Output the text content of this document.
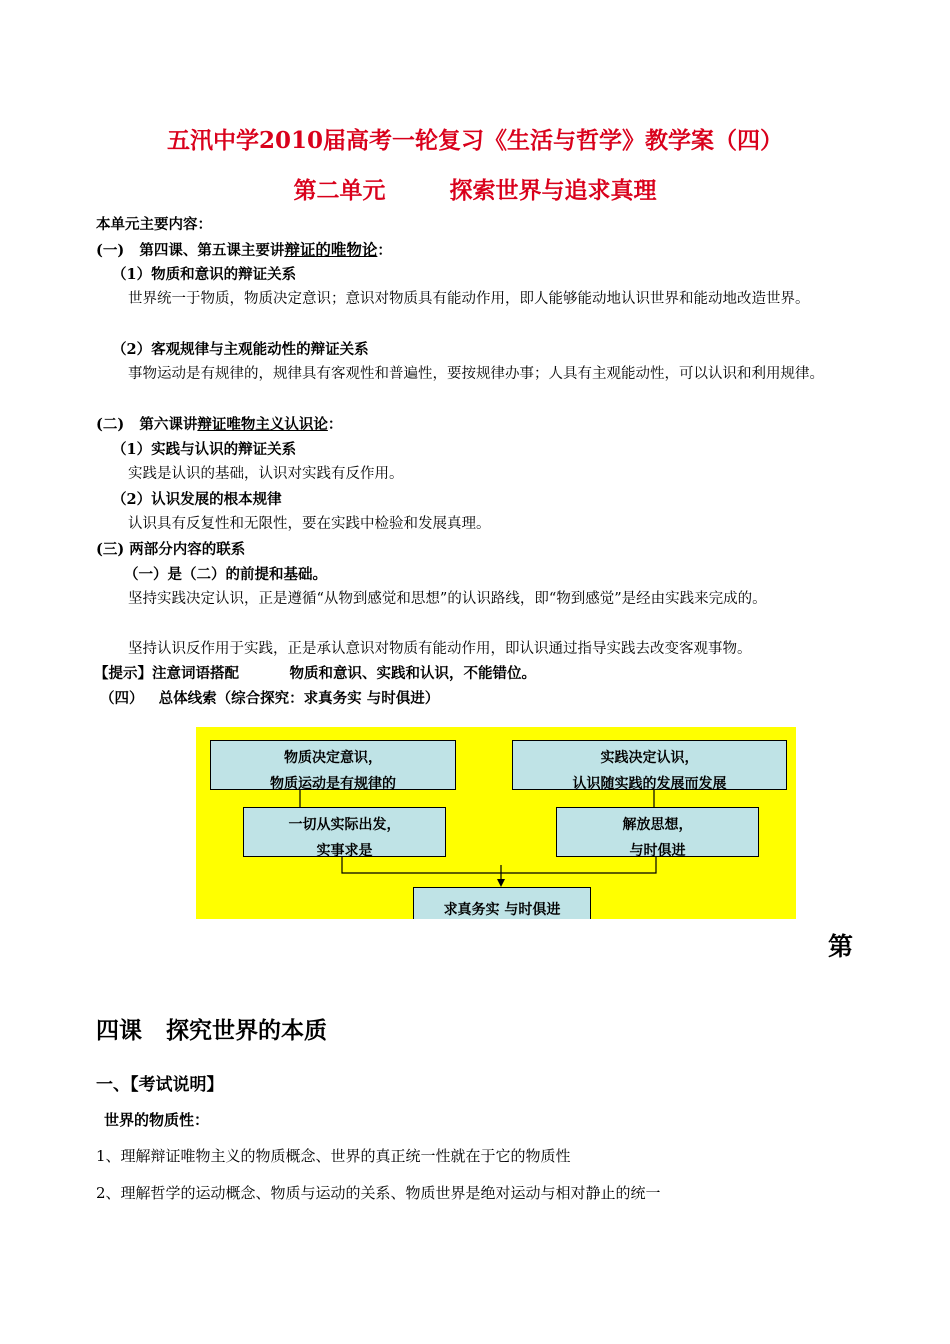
五汛中学2010届高考一轮复习《生活与哲学》教学案（四）
第二单元        探索世界与追求真理
本单元主要内容：
(一)   第四课、第五课主要讲辩证的唯物论：
（1）物质和意识的辩证关系
世界统一于物质，物质决定意识；意识对物质具有能动作用，即人能够能动地认识世界和能动地改造世界。
（2）客观规律与主观能动性的辩证关系
事物运动是有规律的，规律具有客观性和普遍性，要按规律办事；人具有主观能动性，可以认识和利用规律。
(二)   第六课讲辩证唯物主义认识论：
（1）实践与认识的辩证关系
实践是认识的基础，认识对实践有反作用。
（2）认识发展的根本规律
认识具有反复性和无限性，要在实践中检验和发展真理。
(三) 两部分内容的联系
（一）是（二）的前提和基础。
坚持实践决定认识，正是遵循“从物到感觉和思想”的认识路线，即“物到感觉”是经由实践来完成的。
坚持认识反作用于实践，正是承认意识对物质有能动作用，即认识通过指导实践去改变客观事物。
【提示】注意词语搭配          物质和意识、实践和认识，不能错位。
（四）   总体线索（综合探究：求真务实 与时俱进）
物质决定意识，
物质运动是有规律的
实践决定认识，
认识随实践的发展而发展
一切从实际出发，
实事求是
解放思想，
与时俱进
求真务实 与时俱进
第
四课   探究世界的本质
一、【考试说明】
世界的物质性：
1、理解辩证唯物主义的物质概念、世界的真正统一性就在于它的物质性
2、理解哲学的运动概念、物质与运动的关系、物质世界是绝对运动与相对静止的统一
